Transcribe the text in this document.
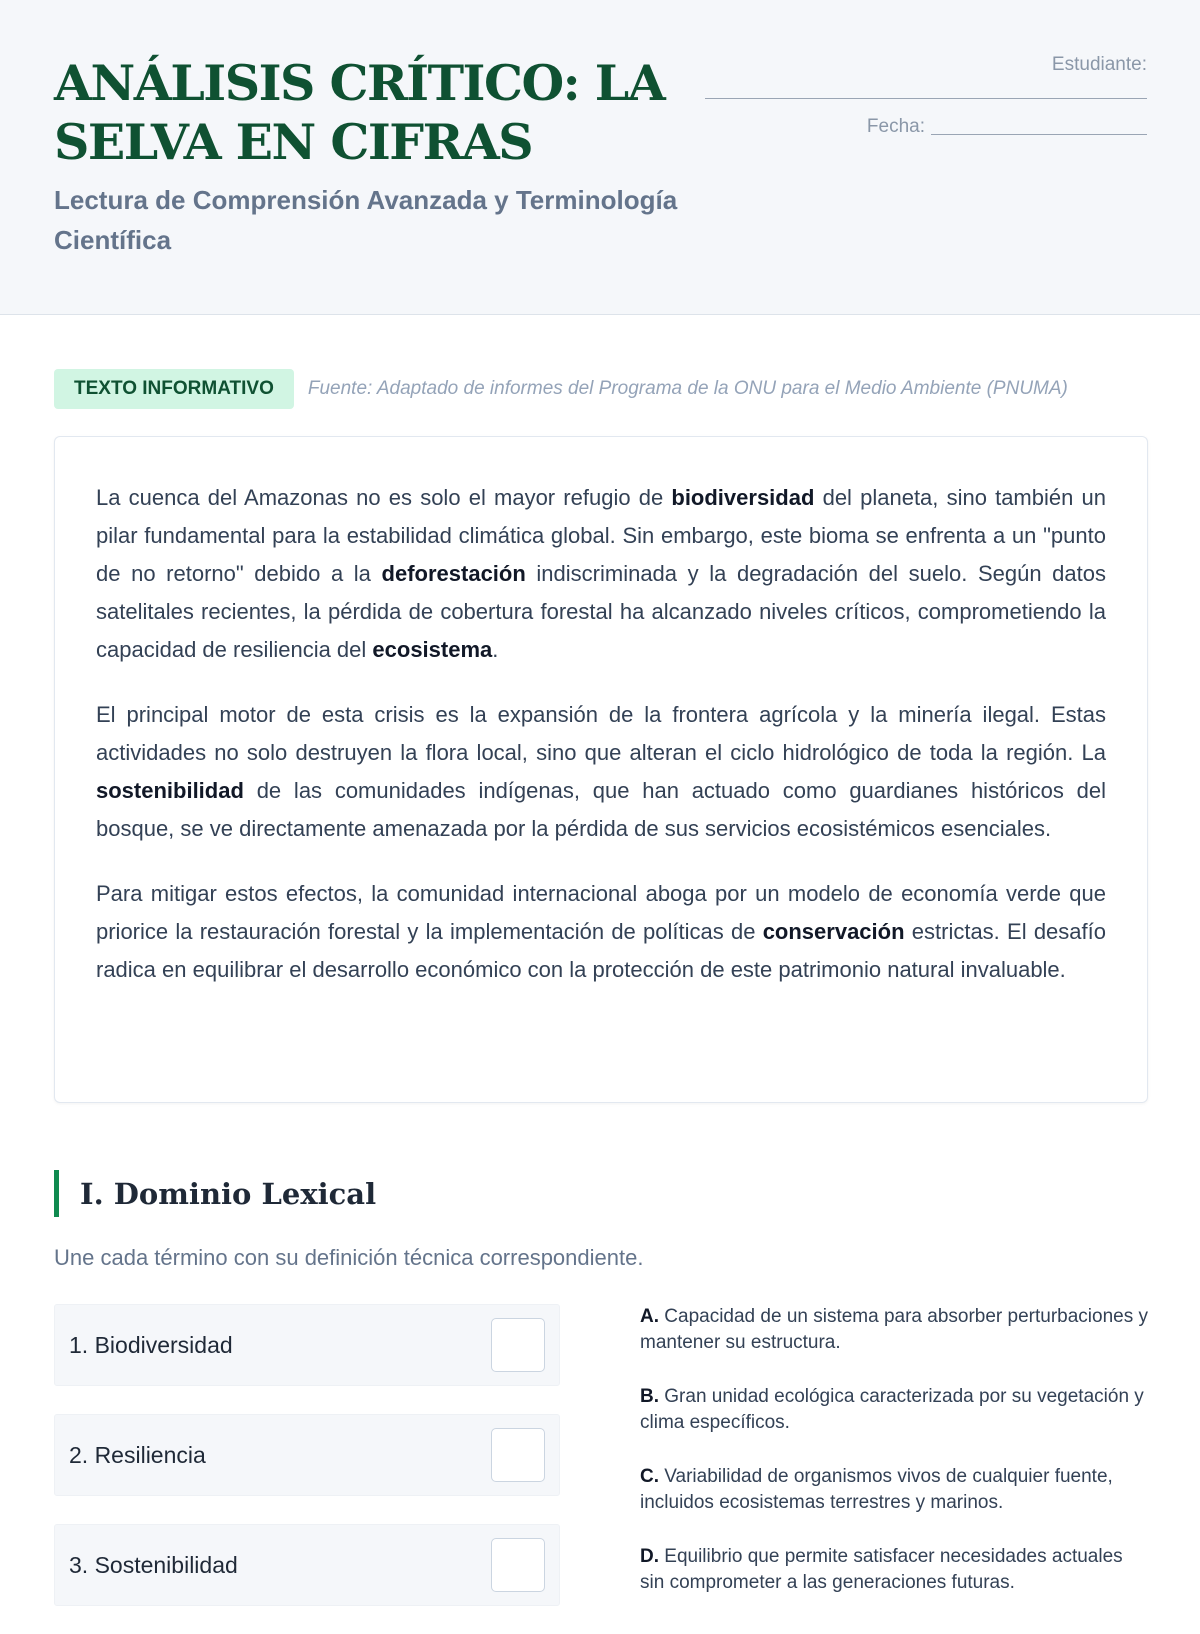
ANÁLISIS CRÍTICO: LA SELVA EN CIFRAS
Lectura de Comprensión Avanzada y Terminología Científica
Estudiante:
Fecha:
TEXTO INFORMATIVO	Fuente: Adaptado de informes del Programa de la ONU para el Medio Ambiente (PNUMA)

La cuenca del Amazonas no es solo el mayor refugio de biodiversidad del planeta, sino también un pilar fundamental para la estabilidad climática global. Sin embargo, este bioma se enfrenta a un "punto de no retorno" debido a la deforestación indiscriminada y la degradación del suelo. Según datos satelitales recientes, la pérdida de cobertura forestal ha alcanzado niveles críticos, comprometiendo la capacidad de resiliencia del ecosistema.

El principal motor de esta crisis es la expansión de la frontera agrícola y la minería ilegal. Estas actividades no solo destruyen la flora local, sino que alteran el ciclo hidrológico de toda la región. La sostenibilidad de las comunidades indígenas, que han actuado como guardianes históricos del bosque, se ve directamente amenazada por la pérdida de sus servicios ecosistémicos esenciales.

Para mitigar estos efectos, la comunidad internacional aboga por un modelo de economía verde que priorice la restauración forestal y la implementación de políticas de conservación estrictas. El desafío radica en equilibrar el desarrollo económico con la protección de este patrimonio natural invaluable.

I. Dominio Lexical
Une cada término con su definición técnica correspondiente.
1. Biodiversidad
2. Resiliencia
3. Sostenibilidad

A. Capacidad de un sistema para absorber perturbaciones y mantener su estructura.

B. Gran unidad ecológica caracterizada por su vegetación y clima específicos.

C. Variabilidad de organismos vivos de cualquier fuente, incluidos ecosistemas terrestres y marinos.

D. Equilibrio que permite satisfacer necesidades actuales sin comprometer a las generaciones futuras.
